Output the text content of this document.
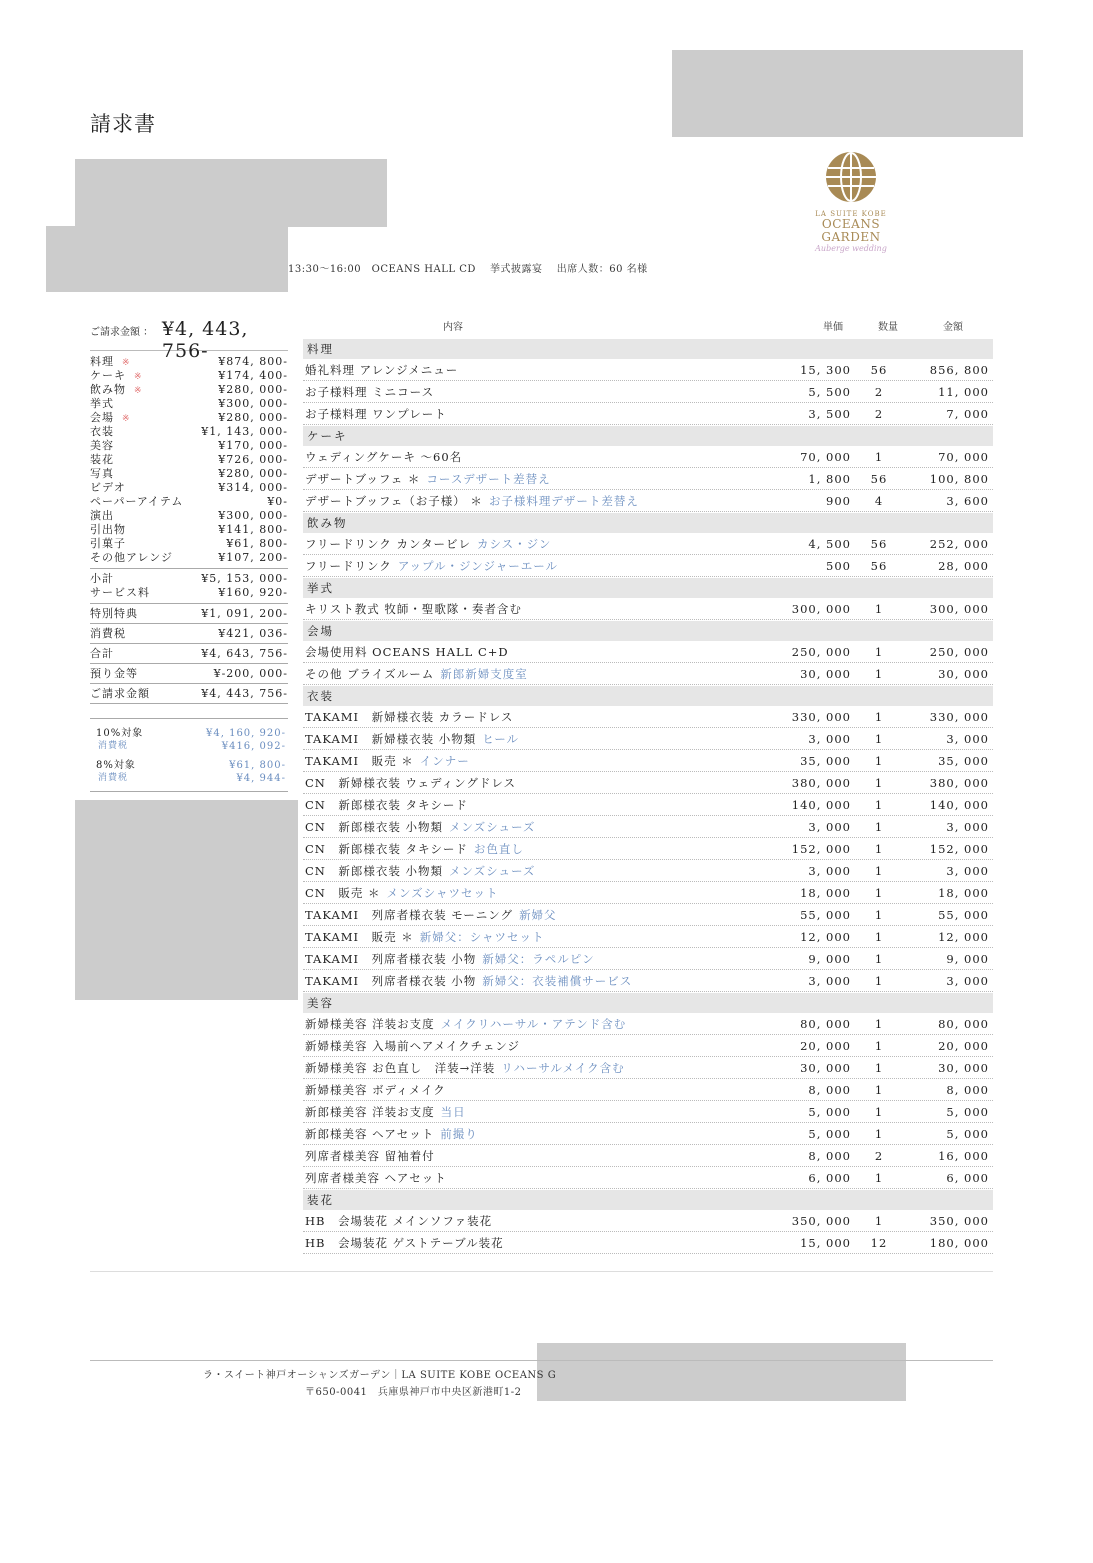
請求書
LA SUITE KOBE
OCEANS GARDEN
Auberge wedding
13:30〜16:00　OCEANS HALL CD　 挙式披露宴　 出席人数：60 名様
ご請求金額 ： ¥4, 443, 756-
料理 ※	¥874, 800-
ケーキ ※	¥174, 400-
飲み物 ※	¥280, 000-
挙式	¥300, 000-
会場 ※	¥280, 000-
衣装	¥1, 143, 000-
美容	¥170, 000-
装花	¥726, 000-
写真	¥280, 000-
ビデオ	¥314, 000-
ペーパーアイテム	¥0-
演出	¥300, 000-
引出物	¥141, 800-
引菓子	¥61, 800-
その他アレンジ	¥107, 200-
小計	¥5, 153, 000-
サービス料	¥160, 920-
特別特典	¥1, 091, 200-
消費税	¥421, 036-
合計	¥4, 643, 756-
預り金等	¥-200, 000-
ご請求金額	¥4, 443, 756-
10%対象	¥4, 160, 920-
消費税	¥416, 092-
8%対象	¥61, 800-
消費税	¥4, 944-
内容	単価	数量	金額
料理
婚礼料理 アレンジメニュー	15, 300	56	856, 800
お子様料理 ミニコース	5, 500	2	11, 000
お子様料理 ワンプレート	3, 500	2	7, 000
ケーキ
ウェディングケーキ 〜60名	70, 000	1	70, 000
デザートブッフェ ＊ コースデザート差替え	1, 800	56	100, 800
デザートブッフェ（お子様） ＊ お子様料理デザート差替え	900	4	3, 600
飲み物
フリードリンク カンタービレ カシス・ジン	4, 500	56	252, 000
フリードリンク アップル・ジンジャーエール	500	56	28, 000
挙式
キリスト教式 牧師・聖歌隊・奏者含む	300, 000	1	300, 000
会場
会場使用料 OCEANS HALL C+D	250, 000	1	250, 000
その他 ブライズルーム 新郎新婦支度室	30, 000	1	30, 000
衣装
TAKAMI　新婦様衣装 カラードレス	330, 000	1	330, 000
TAKAMI　新婦様衣装 小物類 ヒール	3, 000	1	3, 000
TAKAMI　販売 ＊ インナー	35, 000	1	35, 000
CN　新婦様衣装 ウェディングドレス	380, 000	1	380, 000
CN　新郎様衣装 タキシード	140, 000	1	140, 000
CN　新郎様衣装 小物類 メンズシューズ	3, 000	1	3, 000
CN　新郎様衣装 タキシード お色直し	152, 000	1	152, 000
CN　新郎様衣装 小物類 メンズシューズ	3, 000	1	3, 000
CN　販売 ＊ メンズシャツセット	18, 000	1	18, 000
TAKAMI　列席者様衣装 モーニング 新婦父	55, 000	1	55, 000
TAKAMI　販売 ＊ 新婦父：シャツセット	12, 000	1	12, 000
TAKAMI　列席者様衣装 小物 新婦父：ラペルピン	9, 000	1	9, 000
TAKAMI　列席者様衣装 小物 新婦父：衣装補償サービス	3, 000	1	3, 000
美容
新婦様美容 洋装お支度 メイクリハーサル・アテンド含む	80, 000	1	80, 000
新婦様美容 入場前ヘアメイクチェンジ	20, 000	1	20, 000
新婦様美容 お色直し　洋装→洋装 リハーサルメイク含む	30, 000	1	30, 000
新婦様美容 ボディメイク	8, 000	1	8, 000
新郎様美容 洋装お支度 当日	5, 000	1	5, 000
新郎様美容 ヘアセット 前撮り	5, 000	1	5, 000
列席者様美容 留袖着付	8, 000	2	16, 000
列席者様美容 ヘアセット	6, 000	1	6, 000
装花
HB　会場装花 メインソファ装花	350, 000	1	350, 000
HB　会場装花 ゲストテーブル装花	15, 000	12	180, 000
ラ・スイート神戸オーシャンズガーデン｜LA SUITE KOBE OCEANS G
〒650-0041　兵庫県神戸市中央区新港町1-2
